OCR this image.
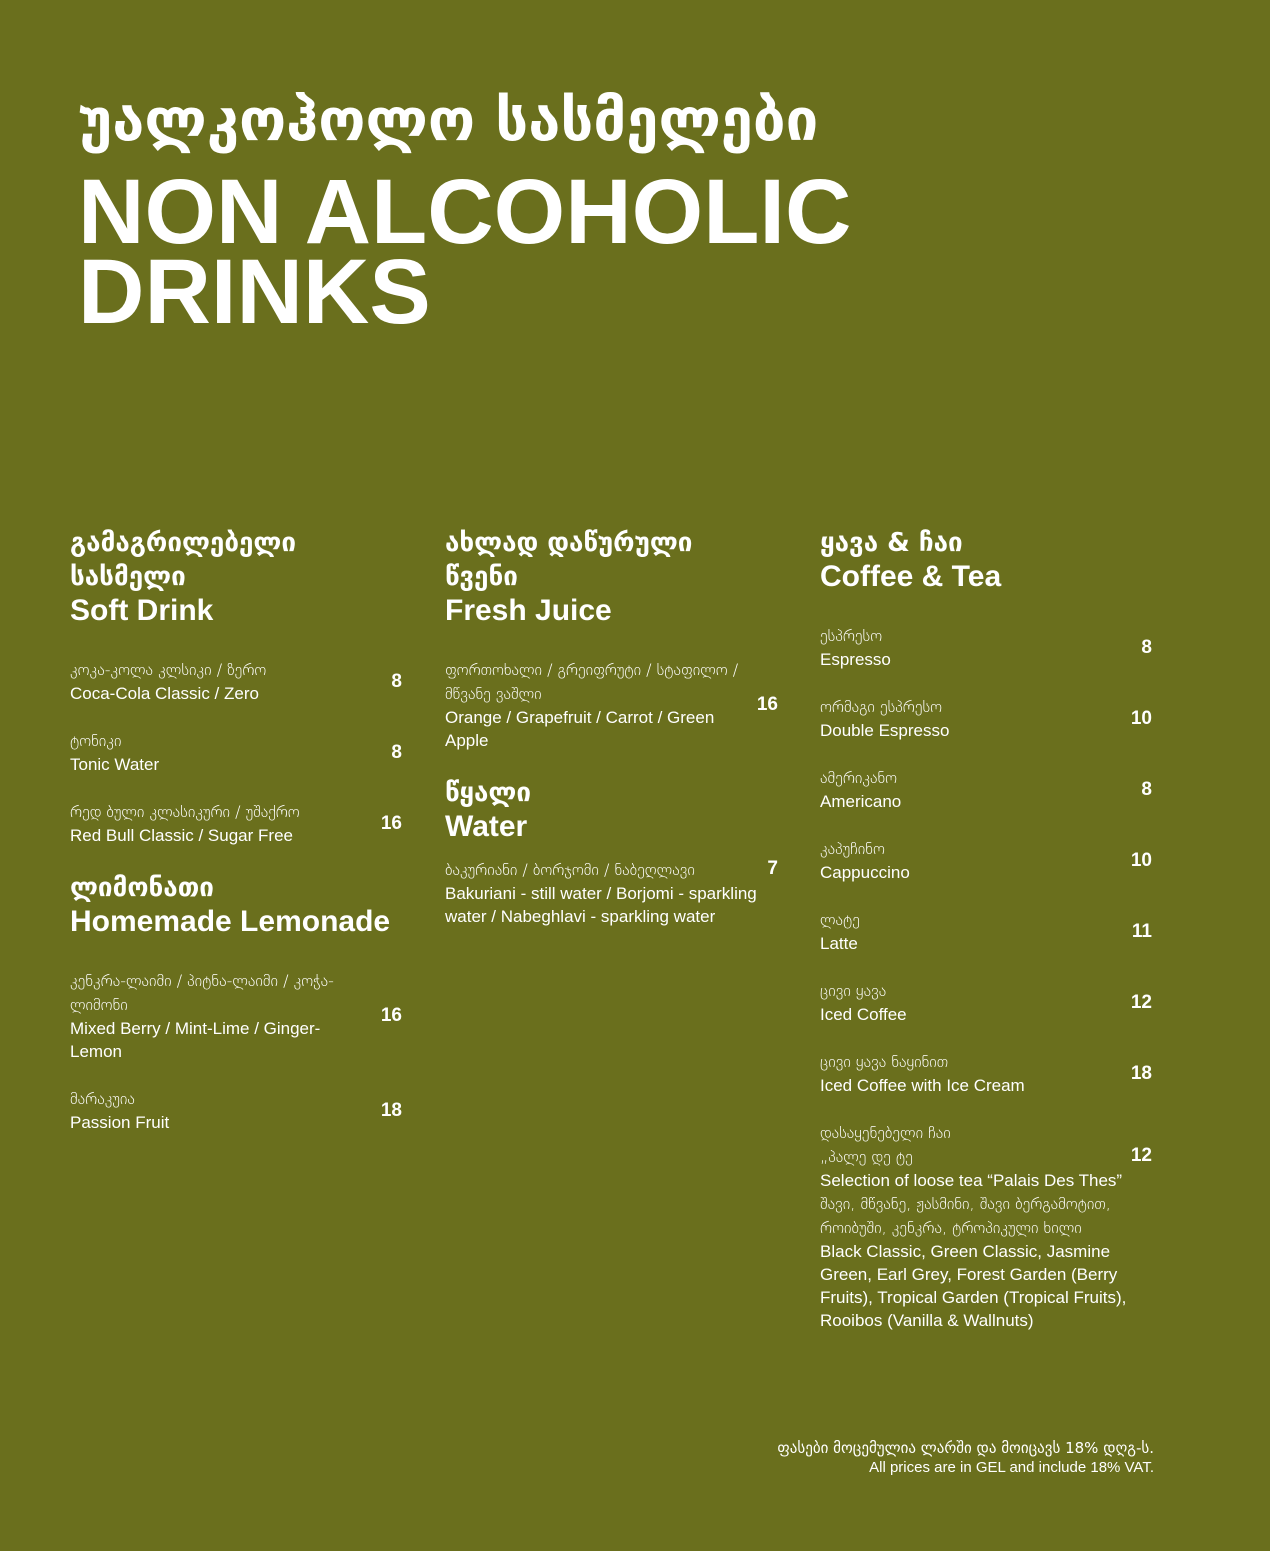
უალკოჰოლო სასმელები
NON ALCOHOLIC
DRINKS
გამაგრილებელი
სასმელი
Soft Drink
კოკა-კოლა კლსიკი / ზერო
Coca-Cola Classic / Zero
8
ტონიკი
Tonic Water
8
რედ ბული კლასიკური / უშაქრო
Red Bull Classic / Sugar Free
16
ლიმონათი
Homemade Lemonade
კენკრა-ლაიმი / პიტნა-ლაიმი / კოჭა-ლიმონი
Mixed Berry / Mint-Lime / Ginger-Lemon
16
მარაკუია
Passion Fruit
18
ახლად დაწურული
წვენი
Fresh Juice
ფორთოხალი / გრეიფრუტი / სტაფილო / მწვანე ვაშლი
Orange / Grapefruit / Carrot / Green Apple
16
წყალი
Water
ბაკურიანი / ბორჯომი / ნაბეღლავი
Bakuriani - still water / Borjomi - sparkling water / Nabeghlavi - sparkling water
7
ყავა & ჩაი
Coffee & Tea
ესპრესო
Espresso
8
ორმაგი ესპრესო
Double Espresso
10
ამერიკანო
Americano
8
კაპუჩინო
Cappuccino
10
ლატე
Latte
11
ცივი ყავა
Iced Coffee
12
ცივი ყავა ნაყინით
Iced Coffee with Ice Cream
18
დასაყენებელი ჩაი
„პალე დე ტე	12
Selection of loose tea “Palais Des Thes”
შავი, მწვანე, ჟასმინი, შავი ბერგამოტით, როიბუში, კენკრა, ტროპიკული ხილი
Black Classic, Green Classic, Jasmine Green, Earl Grey, Forest Garden (Berry Fruits), Tropical Garden (Tropical Fruits), Rooibos (Vanilla & Wallnuts)
ფასები მოცემულია ლარში და მოიცავს 18% დღგ-ს.
All prices are in GEL and include 18% VAT.
